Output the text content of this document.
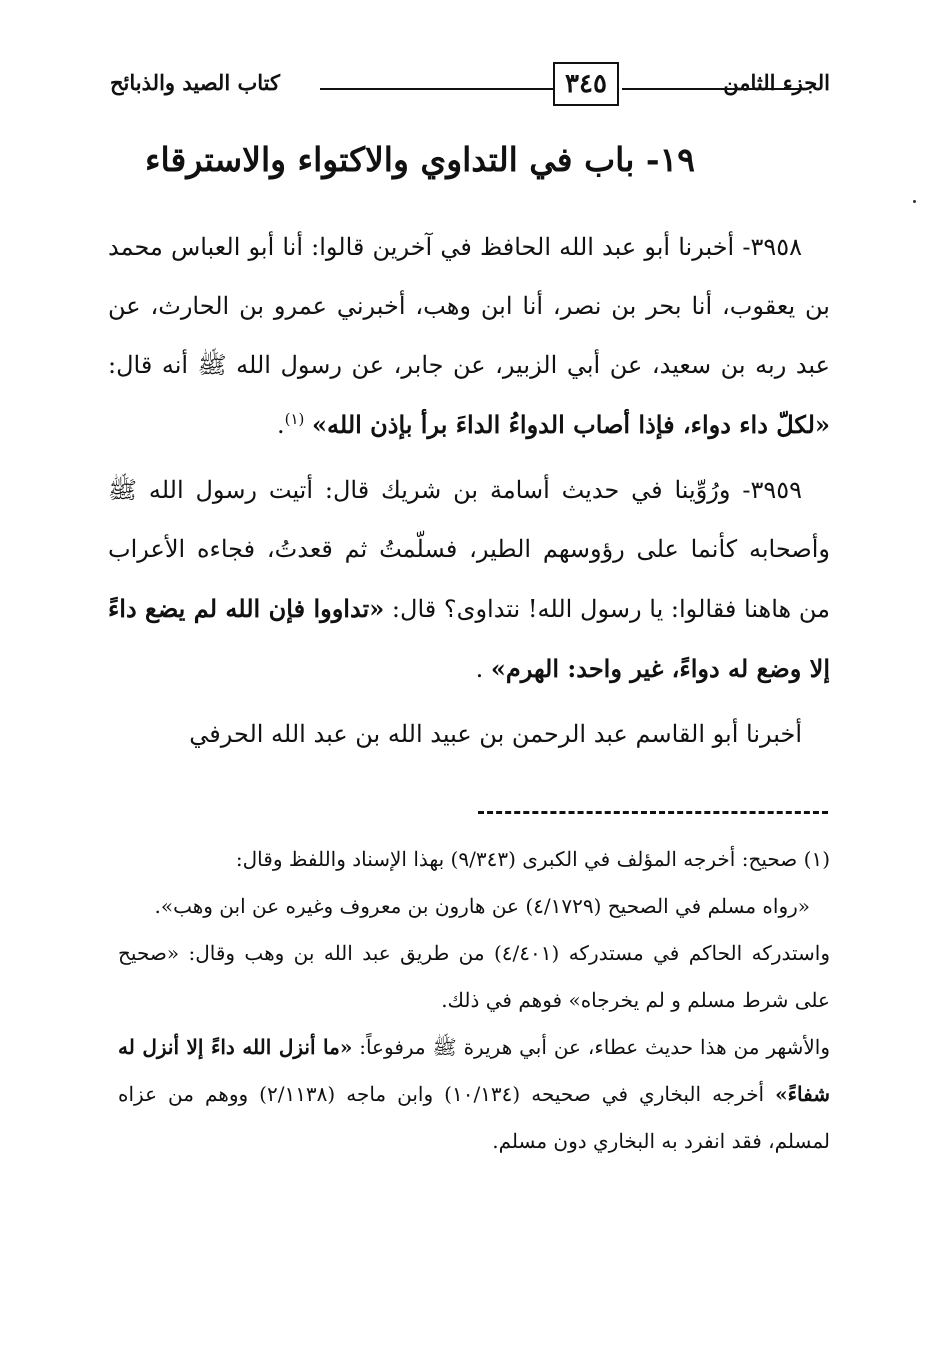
الجزء الثامن
٣٤٥
كتاب الصيد والذبائح
١٩- باب في التداوي والاكتواء والاسترقاء

٣٩٥٨- أخبرنا أبو عبد الله الحافظ في آخرين قالوا: أنا أبو العباس محمد بن يعقوب، أنا بحر بن نصر، أنا ابن وهب، أخبرني عمرو بن الحارث، عن عبد ربه بن سعيد، عن أبي الزبير، عن جابر، عن رسول الله ﷺ أنه قال: «لكلّ داء دواء، فإذا أصاب الدواءُ الداءَ برأ بإذن الله» $^{(١)}$.

٣٩٥٩- ورُوِّينا في حديث أسامة بن شريك قال: أتيت رسول الله ﷺ وأصحابه كأنما على رؤوسهم الطير، فسلّمتُ ثم قعدتُ، فجاءه الأعراب من هاهنا فقالوا: يا رسول الله! نتداوى؟ قال: «تداووا فإن الله لم يضع داءً إلا وضع له دواءً، غير واحد: الهرم» .

أخبرنا أبو القاسم عبد الرحمن بن عبيد الله بن عبد الله الحرفي

(١) صحيح: أخرجه المؤلف في الكبرى (٩/٣٤٣) بهذا الإسناد واللفظ وقال:

«رواه مسلم في الصحيح (٤/١٧٢٩) عن هارون بن معروف وغيره عن ابن وهب».

واستدركه الحاكم في مستدركه (٤/٤٠١) من طريق عبد الله بن وهب وقال: «صحيح على شرط مسلم و لم يخرجاه» فوهم في ذلك.

والأشهر من هذا حديث عطاء، عن أبي هريرة ﷺ مرفوعاً: «ما أنزل الله داءً إلا أنزل له شفاءً» أخرجه البخاري في صحيحه (١٠/١٣٤) وابن ماجه (٢/١١٣٨) ووهم من عزاه لمسلم، فقد انفرد به البخاري دون مسلم.
